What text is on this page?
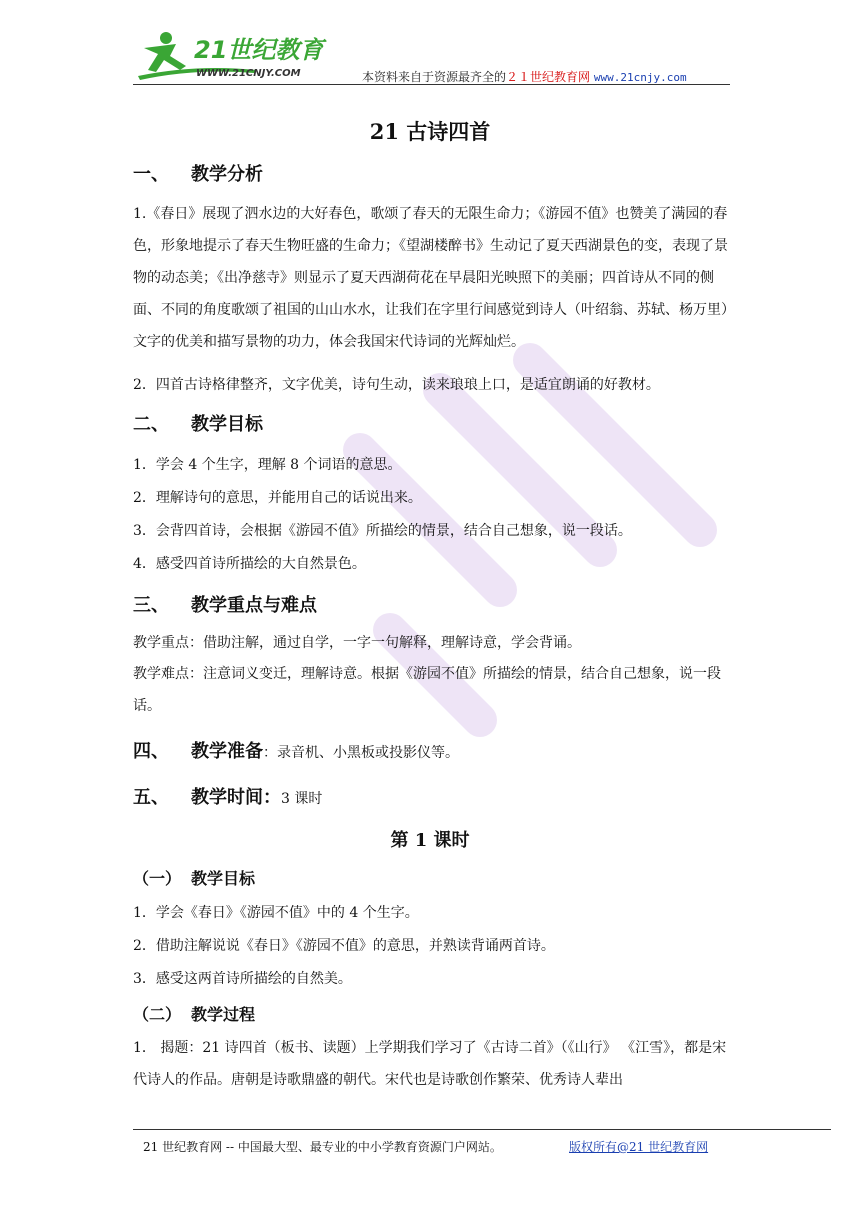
21世纪教育
WWW.21CNJY.COM	本资料来自于资源最齐全的２１世纪教育网 www.21cnjy.com
21 古诗四首
一、 教学分析
1.《春日》展现了泗水边的大好春色，歌颂了春天的无限生命力；《游园不值》也赞美了满园的春色，形象地提示了春天生物旺盛的生命力；《望湖楼醉书》生动记了夏天西湖景色的变，表现了景物的动态美；《出净慈寺》则显示了夏天西湖荷花在早晨阳光映照下的美丽；四首诗从不同的侧面、不同的角度歌颂了祖国的山山水水，让我们在字里行间感觉到诗人（叶绍翁、苏轼、杨万里）文字的优美和描写景物的功力，体会我国宋代诗词的光辉灿烂。
2．四首古诗格律整齐，文字优美，诗句生动，读来琅琅上口，是适宜朗诵的好教材。
二、 教学目标
1．学会 4 个生字，理解 8 个词语的意思。
2．理解诗句的意思，并能用自己的话说出来。
3．会背四首诗，会根据《游园不值》所描绘的情景，结合自己想象，说一段话。
4．感受四首诗所描绘的大自然景色。
三、 教学重点与难点
教学重点：借助注解，通过自学，一字一句解释，理解诗意，学会背诵。
教学难点：注意词义变迁，理解诗意。根据《游园不值》所描绘的情景，结合自己想象，说一段话。
四、 教学准备：录音机、小黑板或投影仪等。
五、 教学时间：3 课时
第 1 课时
（一） 教学目标
1．学会《春日》《游园不值》中的 4 个生字。
2．借助注解说说《春日》《游园不值》的意思，并熟读背诵两首诗。
3．感受这两首诗所描绘的自然美。
（二） 教学过程
1． 揭题：21 诗四首（板书、读题）上学期我们学习了《古诗二首》（《山行》 《江雪》，都是宋代诗人的作品。唐朝是诗歌鼎盛的朝代。宋代也是诗歌创作繁荣、优秀诗人辈出
21 世纪教育网 -- 中国最大型、最专业的中小学教育资源门户网站。	版权所有@21 世纪教育网
